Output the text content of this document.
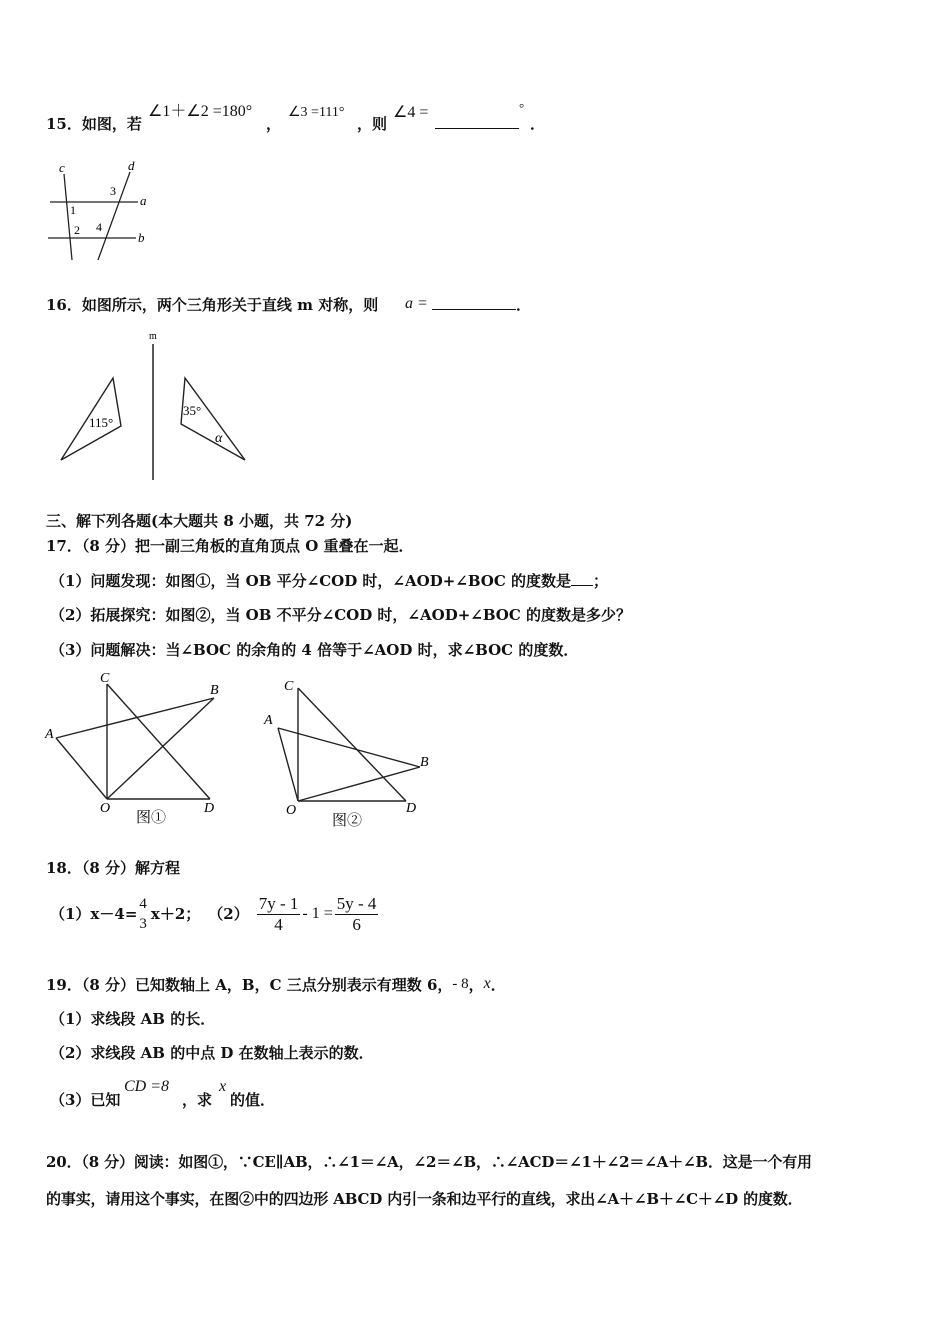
15．如图，若
∠1＋∠2 =180°
，
∠3 =111°
，则
∠4 =	°
．
c	d
a
b
1
2
3
4
16．如图所示，两个三角形关于直线 m 对称，则 a =	．
m
115°
35°
α
三、解下列各题(本大题共 8 小题，共 72 分)
17．（8 分）把一副三角板的直角顶点 O 重叠在一起．
（1）问题发现：如图①，当 OB 平分∠COD 时，∠AOD+∠BOC 的度数是 ；
（2）拓展探究：如图②，当 OB 不平分∠COD 时，∠AOD+∠BOC 的度数是多少？
（3）问题解决：当∠BOC 的余角的 4 倍等于∠AOD 时，求∠BOC 的度数．
C
B
A
O	D
图①
C
A
B
O	D
图②
18．（8 分）解方程
（1）x－4=
4
3
x＋2； $(2) \frac{7y - 1}{4} - 1 = \frac{5y - 4}{6}$
19．（8 分）已知数轴上 A，B，C 三点分别表示有理数 6，- 8，x．
（1）求线段 AB 的长．
（2）求线段 AB 的中点 D 在数轴上表示的数．
（3）已知
CD =8
，求
x
的值．
20．（8 分）阅读：如图①，∵CE∥AB，∴∠1＝∠A，∠2＝∠B，∴∠ACD＝∠1＋∠2＝∠A＋∠B．这是一个有用
的事实，请用这个事实，在图②中的四边形 ABCD 内引一条和边平行的直线，求出∠A＋∠B＋∠C＋∠D 的度数．
